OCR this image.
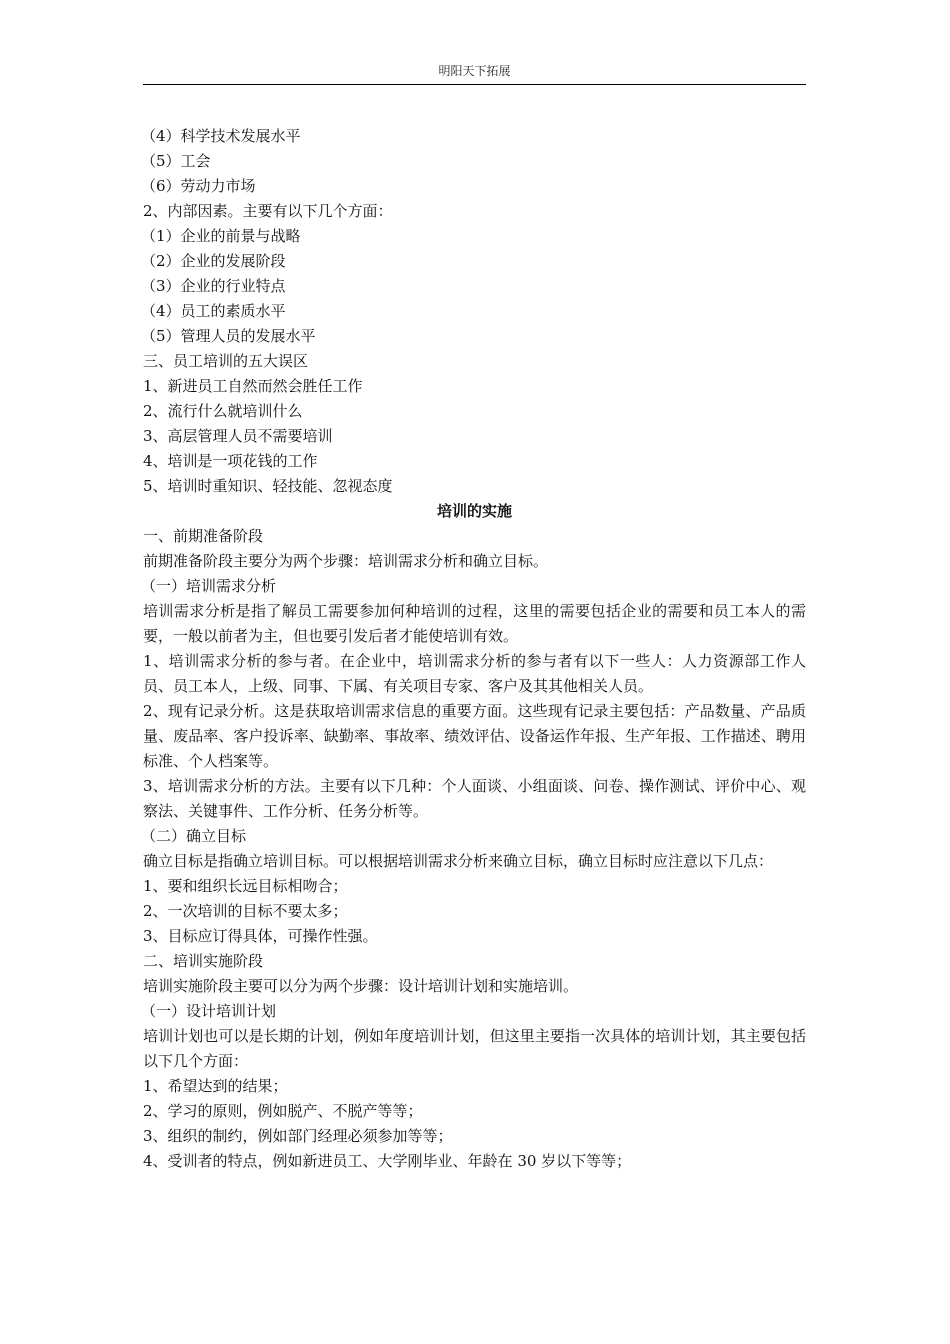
明阳天下拓展

（4）科学技术发展水平

（5）工会

（6）劳动力市场

2、内部因素。主要有以下几个方面：

（1）企业的前景与战略

（2）企业的发展阶段

（3）企业的行业特点

（4）员工的素质水平

（5）管理人员的发展水平

三、员工培训的五大误区

1、新进员工自然而然会胜任工作

2、流行什么就培训什么

3、高层管理人员不需要培训

4、培训是一项花钱的工作

5、培训时重知识、轻技能、忽视态度

培训的实施

一、前期准备阶段

前期准备阶段主要分为两个步骤：培训需求分析和确立目标。

（一）培训需求分析

培训需求分析是指了解员工需要参加何种培训的过程，这里的需要包括企业的需要和员工本人的需要，一般以前者为主，但也要引发后者才能使培训有效。

1、培训需求分析的参与者。在企业中，培训需求分析的参与者有以下一些人：人力资源部工作人员、员工本人，上级、同事、下属、有关项目专家、客户及其其他相关人员。

2、现有记录分析。这是获取培训需求信息的重要方面。这些现有记录主要包括：产品数量、产品质量、废品率、客户投诉率、缺勤率、事故率、绩效评估、设备运作年报、生产年报、工作描述、聘用标准、个人档案等。

3、培训需求分析的方法。主要有以下几种：个人面谈、小组面谈、问卷、操作测试、评价中心、观察法、关键事件、工作分析、任务分析等。

（二）确立目标

确立目标是指确立培训目标。可以根据培训需求分析来确立目标，确立目标时应注意以下几点：

1、要和组织长远目标相吻合；

2、一次培训的目标不要太多；

3、目标应订得具体，可操作性强。

二、培训实施阶段

培训实施阶段主要可以分为两个步骤：设计培训计划和实施培训。

（一）设计培训计划

培训计划也可以是长期的计划，例如年度培训计划，但这里主要指一次具体的培训计划，其主要包括以下几个方面：

1、希望达到的结果；

2、学习的原则，例如脱产、不脱产等等；

3、组织的制约，例如部门经理必须参加等等；

4、受训者的特点，例如新进员工、大学刚毕业、年龄在 30 岁以下等等；
